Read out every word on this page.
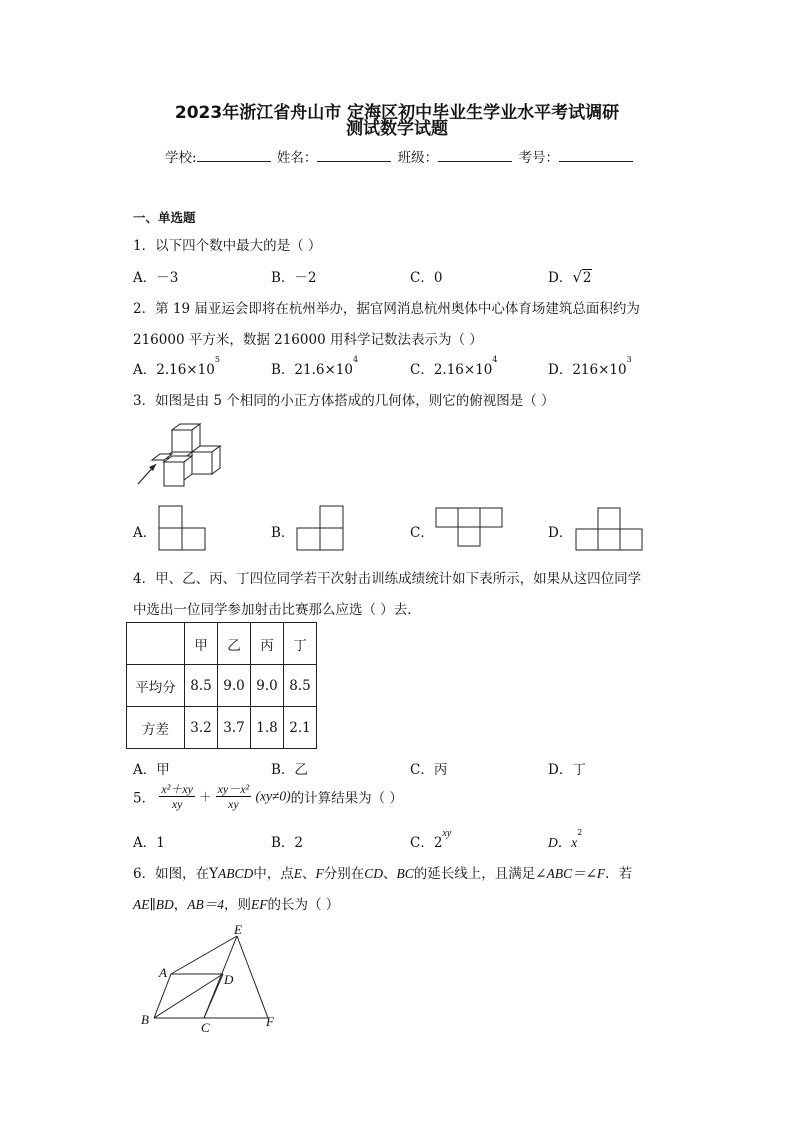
2023年浙江省舟山市 定海区初中毕业生学业水平考试调研
测试数学试题
学校:	姓名：	班级：	考号：
一、单选题
1．以下四个数中最大的是（ ）
A．－3	B．－2	C．0	D．√2
2．第 19 届亚运会即将在杭州举办，据官网消息杭州奥体中心体育场建筑总面积约为
216000 平方米，数据 216000 用科学记数法表示为（ ）
A．$2.16\times 10^5$
B．$21.6\times 10^4$
C．$2.16\times 10^4$
D．$216\times 10^3$
3．如图是由 5 个相同的小正方体搭成的几何体，则它的俯视图是（ ）
A．	B．	C．	D．
4．甲、乙、丙、丁四位同学若干次射击训练成绩统计如下表所示，如果从这四位同学
中选出一位同学参加射击比赛那么应选（ ）去．
	甲	乙	丙	丁
平均分	8.5	9.0	9.0	8.5
方差	3.2	3.7	1.8	2.1
A．甲	B．乙	C．丙	D．丁
5． $\frac{\text{x²＋xy}}{xy} + \frac{\text{xy－x²}}{xy} (xy\ne 0)$的计算结果为（ ）
A．1	B．2	C．$2^{xy}$
D．$x^2$
6．如图，在YABCD中，点E、F分别在CD、BC的延长线上，且满足∠ABC＝∠F．若
AE∥BD，AB＝4，则EF的长为（ ）
E
A	D
B
C	F
